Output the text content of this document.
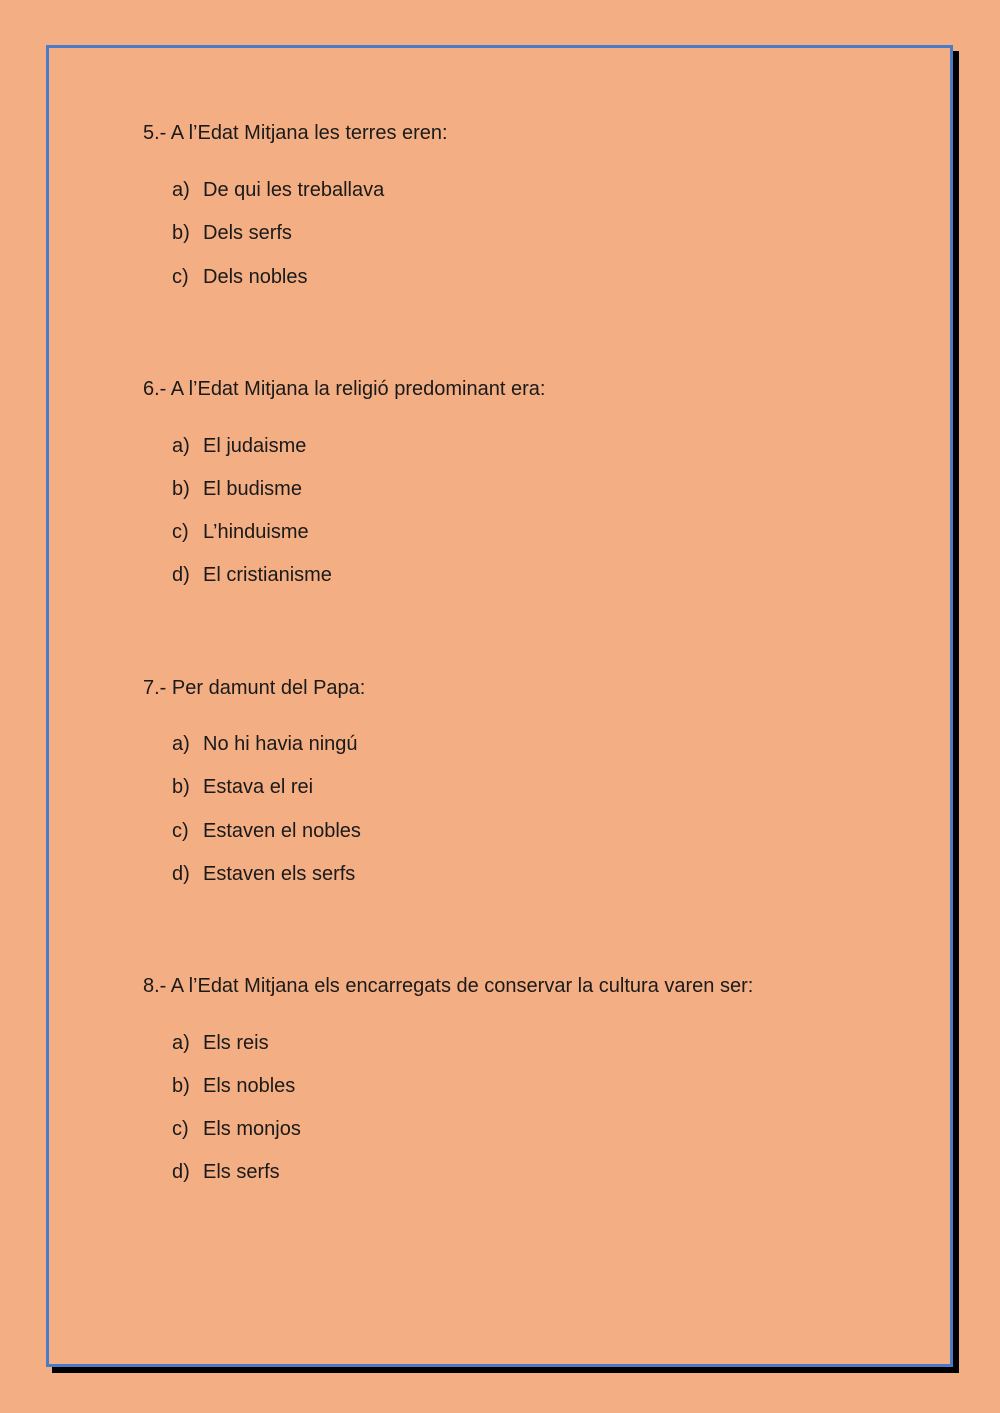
5.- A l’Edat Mitjana les terres eren:
a) De qui les treballava
b) Dels serfs
c) Dels nobles
6.- A l’Edat Mitjana la religió predominant era:
a) El judaisme
b) El budisme
c) L’hinduisme
d) El cristianisme
7.- Per damunt del Papa:
a) No hi havia ningú
b) Estava el rei
c) Estaven el nobles
d) Estaven els serfs
8.- A l’Edat Mitjana els encarregats de conservar la cultura varen ser:
a) Els reis
b) Els nobles
c) Els monjos
d) Els serfs
